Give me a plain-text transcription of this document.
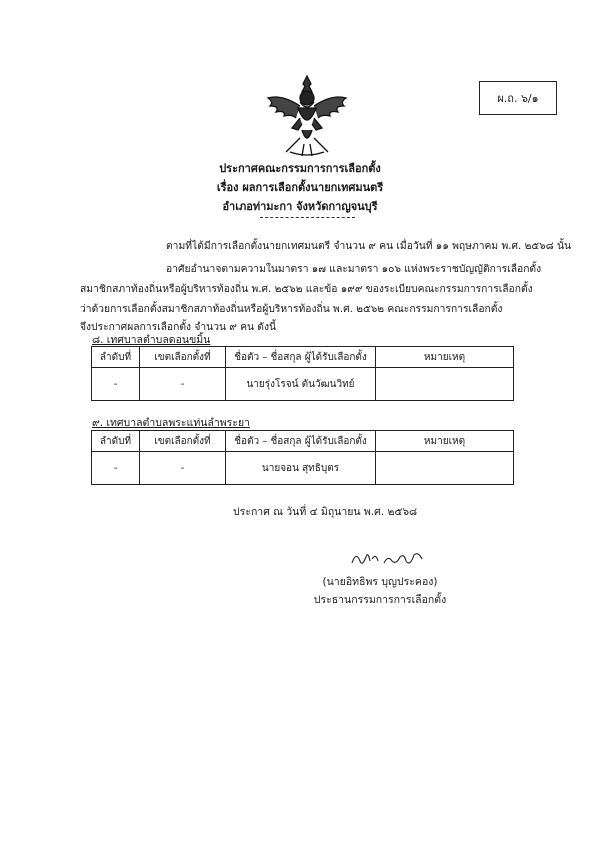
ผ.ถ. ๖/๑
ประกาศคณะกรรมการการเลือกตั้ง
เรื่อง ผลการเลือกตั้งนายกเทศมนตรี
อำเภอท่ามะกา จังหวัดกาญจนบุรี
ตามที่ได้มีการเลือกตั้งนายกเทศมนตรี จำนวน ๙ คน เมื่อวันที่ ๑๑ พฤษภาคม พ.ศ. ๒๕๖๘ นั้น
อาศัยอำนาจตามความในมาตรา ๑๗ และมาตรา ๑๐๖ แห่งพระราชบัญญัติการเลือกตั้ง
สมาชิกสภาท้องถิ่นหรือผู้บริหารท้องถิ่น พ.ศ. ๒๕๖๒ และข้อ ๑๙๙ ของระเบียบคณะกรรมการการเลือกตั้ง
ว่าด้วยการเลือกตั้งสมาชิกสภาท้องถิ่นหรือผู้บริหารท้องถิ่น พ.ศ. ๒๕๖๒ คณะกรรมการการเลือกตั้ง
จึงประกาศผลการเลือกตั้ง จำนวน ๙ คน ดังนี้
๘. เทศบาลตำบลดอนขมิ้น
ลำดับที่	เขตเลือกตั้งที่	ชื่อตัว – ชื่อสกุล ผู้ได้รับเลือกตั้ง	หมายเหตุ
-	-	นายรุ่งโรจน์ ตันวัฒนวิทย์	
๙. เทศบาลตำบลพระแท่นลำพระยา
ลำดับที่	เขตเลือกตั้งที่	ชื่อตัว – ชื่อสกุล ผู้ได้รับเลือกตั้ง	หมายเหตุ
-	-	นายจอน สุทธิบุตร	
ประกาศ ณ วันที่ ๔ มิถุนายน พ.ศ. ๒๕๖๘
(นายอิทธิพร บุญประคอง)
ประธานกรรมการการเลือกตั้ง
